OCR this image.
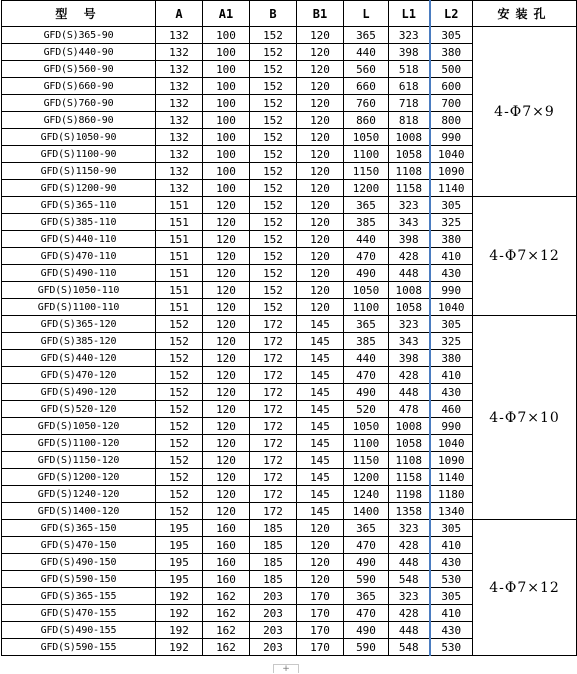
型 号	A	A1	B	B1	L	L1	L2	安装孔
GFD(S)365-90	132	100	152	120	365	323	305	4-Φ7×9
GFD(S)440-90	132	100	152	120	440	398	380	
GFD(S)560-90	132	100	152	120	560	518	500	
GFD(S)660-90	132	100	152	120	660	618	600	
GFD(S)760-90	132	100	152	120	760	718	700	
GFD(S)860-90	132	100	152	120	860	818	800	
GFD(S)1050-90	132	100	152	120	1050	1008	990	
GFD(S)1100-90	132	100	152	120	1100	1058	1040	
GFD(S)1150-90	132	100	152	120	1150	1108	1090	
GFD(S)1200-90	132	100	152	120	1200	1158	1140	
GFD(S)365-110	151	120	152	120	365	323	305	4-Φ7×12
GFD(S)385-110	151	120	152	120	385	343	325	
GFD(S)440-110	151	120	152	120	440	398	380	
GFD(S)470-110	151	120	152	120	470	428	410	
GFD(S)490-110	151	120	152	120	490	448	430	
GFD(S)1050-110	151	120	152	120	1050	1008	990	
GFD(S)1100-110	151	120	152	120	1100	1058	1040	
GFD(S)365-120	152	120	172	145	365	323	305	4-Φ7×10
GFD(S)385-120	152	120	172	145	385	343	325	
GFD(S)440-120	152	120	172	145	440	398	380	
GFD(S)470-120	152	120	172	145	470	428	410	
GFD(S)490-120	152	120	172	145	490	448	430	
GFD(S)520-120	152	120	172	145	520	478	460	
GFD(S)1050-120	152	120	172	145	1050	1008	990	
GFD(S)1100-120	152	120	172	145	1100	1058	1040	
GFD(S)1150-120	152	120	172	145	1150	1108	1090	
GFD(S)1200-120	152	120	172	145	1200	1158	1140	
GFD(S)1240-120	152	120	172	145	1240	1198	1180	
GFD(S)1400-120	152	120	172	145	1400	1358	1340	
GFD(S)365-150	195	160	185	120	365	323	305	4-Φ7×12
GFD(S)470-150	195	160	185	120	470	428	410	
GFD(S)490-150	195	160	185	120	490	448	430	
GFD(S)590-150	195	160	185	120	590	548	530	
GFD(S)365-155	192	162	203	170	365	323	305	
GFD(S)470-155	192	162	203	170	470	428	410	
GFD(S)490-155	192	162	203	170	490	448	430	
GFD(S)590-155	192	162	203	170	590	548	530	
+
